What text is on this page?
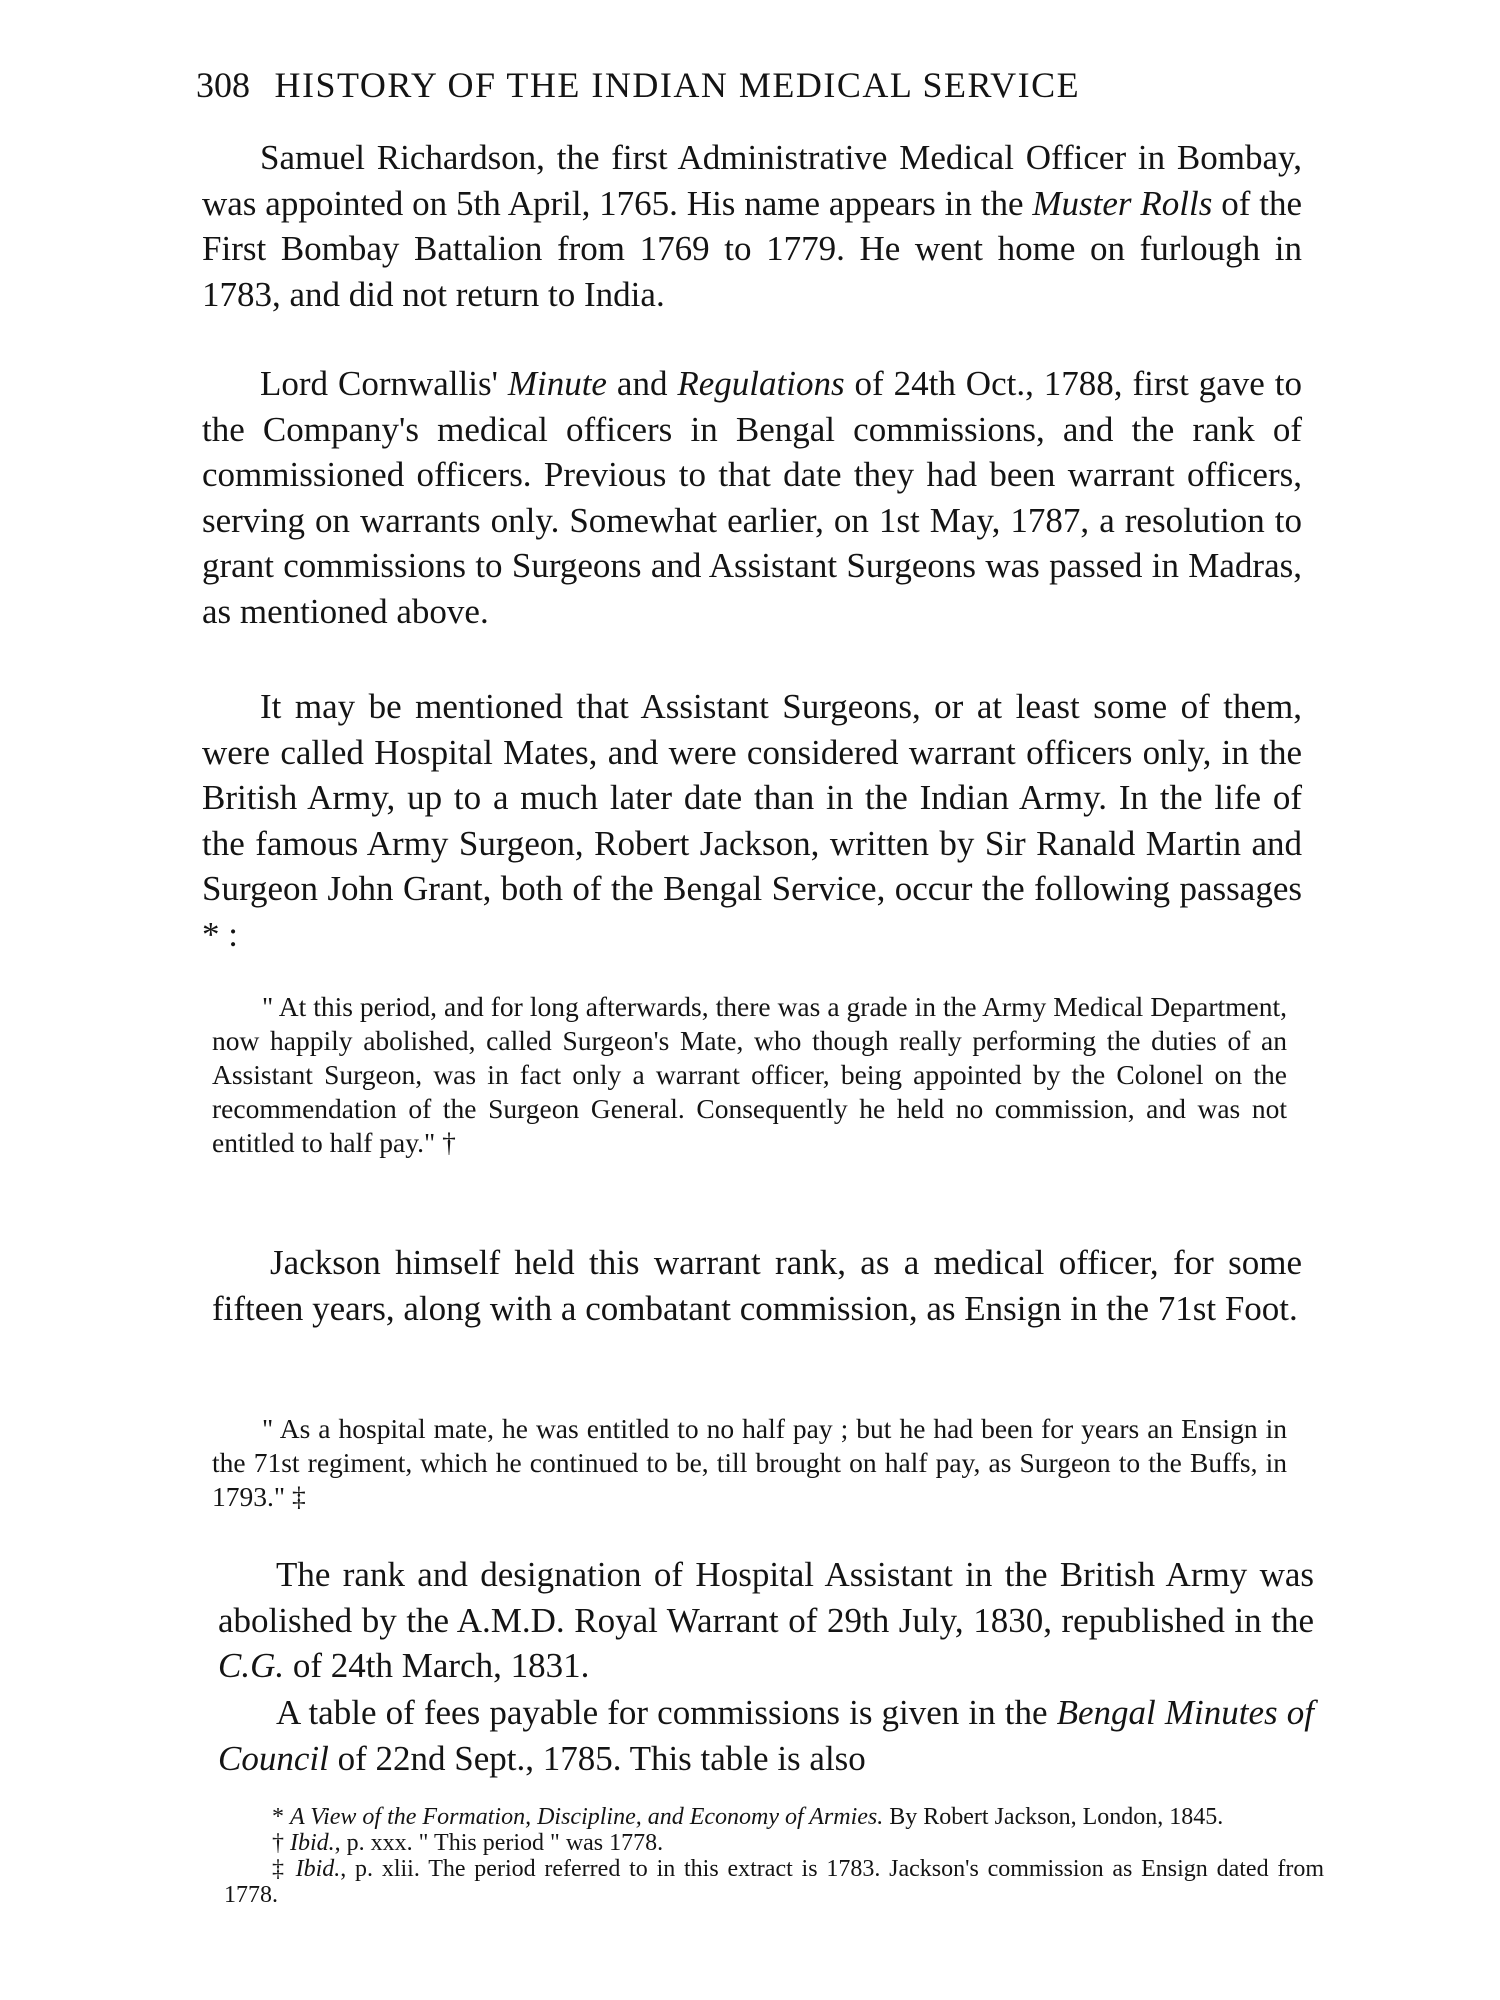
308 HISTORY OF THE INDIAN MEDICAL SERVICE

Samuel Richardson, the first Administrative Medical Officer in Bombay, was appointed on 5th April, 1765. His name appears in the Muster Rolls of the First Bombay Battalion from 1769 to 1779. He went home on furlough in 1783, and did not return to India.

Lord Cornwallis' Minute and Regulations of 24th Oct., 1788, first gave to the Company's medical officers in Bengal commissions, and the rank of commissioned officers. Previous to that date they had been warrant officers, serving on warrants only. Somewhat earlier, on 1st May, 1787, a resolution to grant commissions to Surgeons and Assistant Surgeons was passed in Madras, as mentioned above.

It may be mentioned that Assistant Surgeons, or at least some of them, were called Hospital Mates, and were considered warrant officers only, in the British Army, up to a much later date than in the Indian Army. In the life of the famous Army Surgeon, Robert Jackson, written by Sir Ranald Martin and Surgeon John Grant, both of the Bengal Service, occur the following passages * :

" At this period, and for long afterwards, there was a grade in the Army Medical Department, now happily abolished, called Surgeon's Mate, who though really performing the duties of an Assistant Surgeon, was in fact only a warrant officer, being appointed by the Colonel on the recommendation of the Surgeon General. Consequently he held no commission, and was not entitled to half pay." †

Jackson himself held this warrant rank, as a medical officer, for some fifteen years, along with a combatant commission, as Ensign in the 71st Foot.

" As a hospital mate, he was entitled to no half pay ; but he had been for years an Ensign in the 71st regiment, which he continued to be, till brought on half pay, as Surgeon to the Buffs, in 1793." ‡

The rank and designation of Hospital Assistant in the British Army was abolished by the A.M.D. Royal Warrant of 29th July, 1830, republished in the C.G. of 24th March, 1831.

A table of fees payable for commissions is given in the Bengal Minutes of Council of 22nd Sept., 1785. This table is also

* A View of the Formation, Discipline, and Economy of Armies. By Robert Jackson, London, 1845.

† Ibid., p. xxx. " This period " was 1778.

‡ Ibid., p. xlii. The period referred to in this extract is 1783. Jackson's commission as Ensign dated from 1778.
